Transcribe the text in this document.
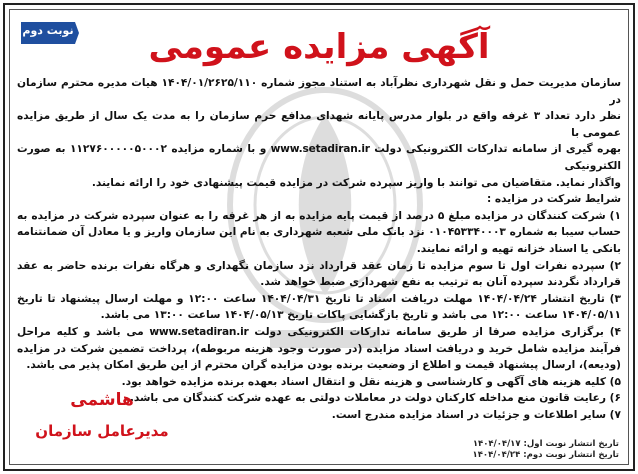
نوبت دوم	آگهی مزایده عمومی

سازمان مدیریت حمل و نقل شهرداری نظرآباد به استناد مجوز شماره ۱۴۰۴/۰۱/۲۶۲۵/۱۱۰ هیات مدیره محترم سازمان در

نظر دارد تعداد ۳ غرفه واقع در بلوار مدرس پایانه شهدای مدافع حرم سازمان را به مدت یک سال از طریق مزایده عمومی با

بهره گیری از سامانه تدارکات الکترونیکی دولت www.setadiran.ir و با شماره مزایده ۱۱۲۷۶۰۰۰۰۰۵۰۰۰۲ به صورت الکترونیکی

واگذار نماید. متقاضیان می توانند با واریز سپرده شرکت در مزایده قیمت پیشنهادی خود را ارائه نمایند.

شرایط شرکت در مزایده :

۱) شرکت کنندگان در مزایده مبلغ ۵ درصد از قیمت پایه مزایده به از هر غرفه را به عنوان سپرده شرکت در مزایده به حساب سیبا به شماره ۰۱۰۴۵۳۳۴۰۰۰۳ نزد بانک ملی شعبه شهرداری به نام این سازمان واریز و یا معادل آن ضمانتنامه بانکی یا اسناد خزانه تهیه و ارائه نمایند.

۲) سپرده نفرات اول تا سوم مزایده تا زمان عقد قرارداد نزد سازمان نگهداری و هرگاه نفرات برنده حاضر به عقد قرارداد نگردند سپرده آنان به ترتیب به نفع شهرداری ضبط خواهد شد.

۳) تاریخ انتشار ۱۴۰۴/۰۴/۲۴ مهلت دریافت اسناد تا تاریخ ۱۴۰۴/۰۴/۳۱ ساعت ۱۲:۰۰ و مهلت ارسال پیشنهاد تا تاریخ ۱۴۰۴/۰۵/۱۱ ساعت ۱۲:۰۰ می باشد و تاریخ بازگشایی پاکات تاریخ ۱۴۰۴/۰۵/۱۳ ساعت ۱۳:۰۰ می باشد.

۴) برگزاری مزایده صرفا از طریق سامانه تدارکات الکترونیکی دولت www.setadiran.ir می باشد و کلیه مراحل فرآیند مزایده شامل خرید و دریافت اسناد مزایده (در صورت وجود هزینه مربوطه)، پرداخت تضمین شرکت در مزایده (ودیعه)، ارسال پیشنهاد قیمت و اطلاع از وضعیت برنده بودن مزایده گران محترم از این طریق امکان پذیر می باشد.

۵) کلیه هزینه های آگهی و کارشناسی و هزینه نقل و انتقال اسناد بعهده برنده مزایده خواهد بود.

۶) رعایت قانون منع مداخله کارکنان دولت در معاملات دولتی به عهده شرکت کنندگان می باشد.

۷) سایر اطلاعات و جزئیات در اسناد مزایده مندرج است.

تاریخ انتشار نوبت اول: ۱۴۰۴/۰۴/۱۷
تاریخ انتشار نوبت دوم: ۱۴۰۴/۰۴/۲۴
هاشمی
مدیرعامل سازمان
